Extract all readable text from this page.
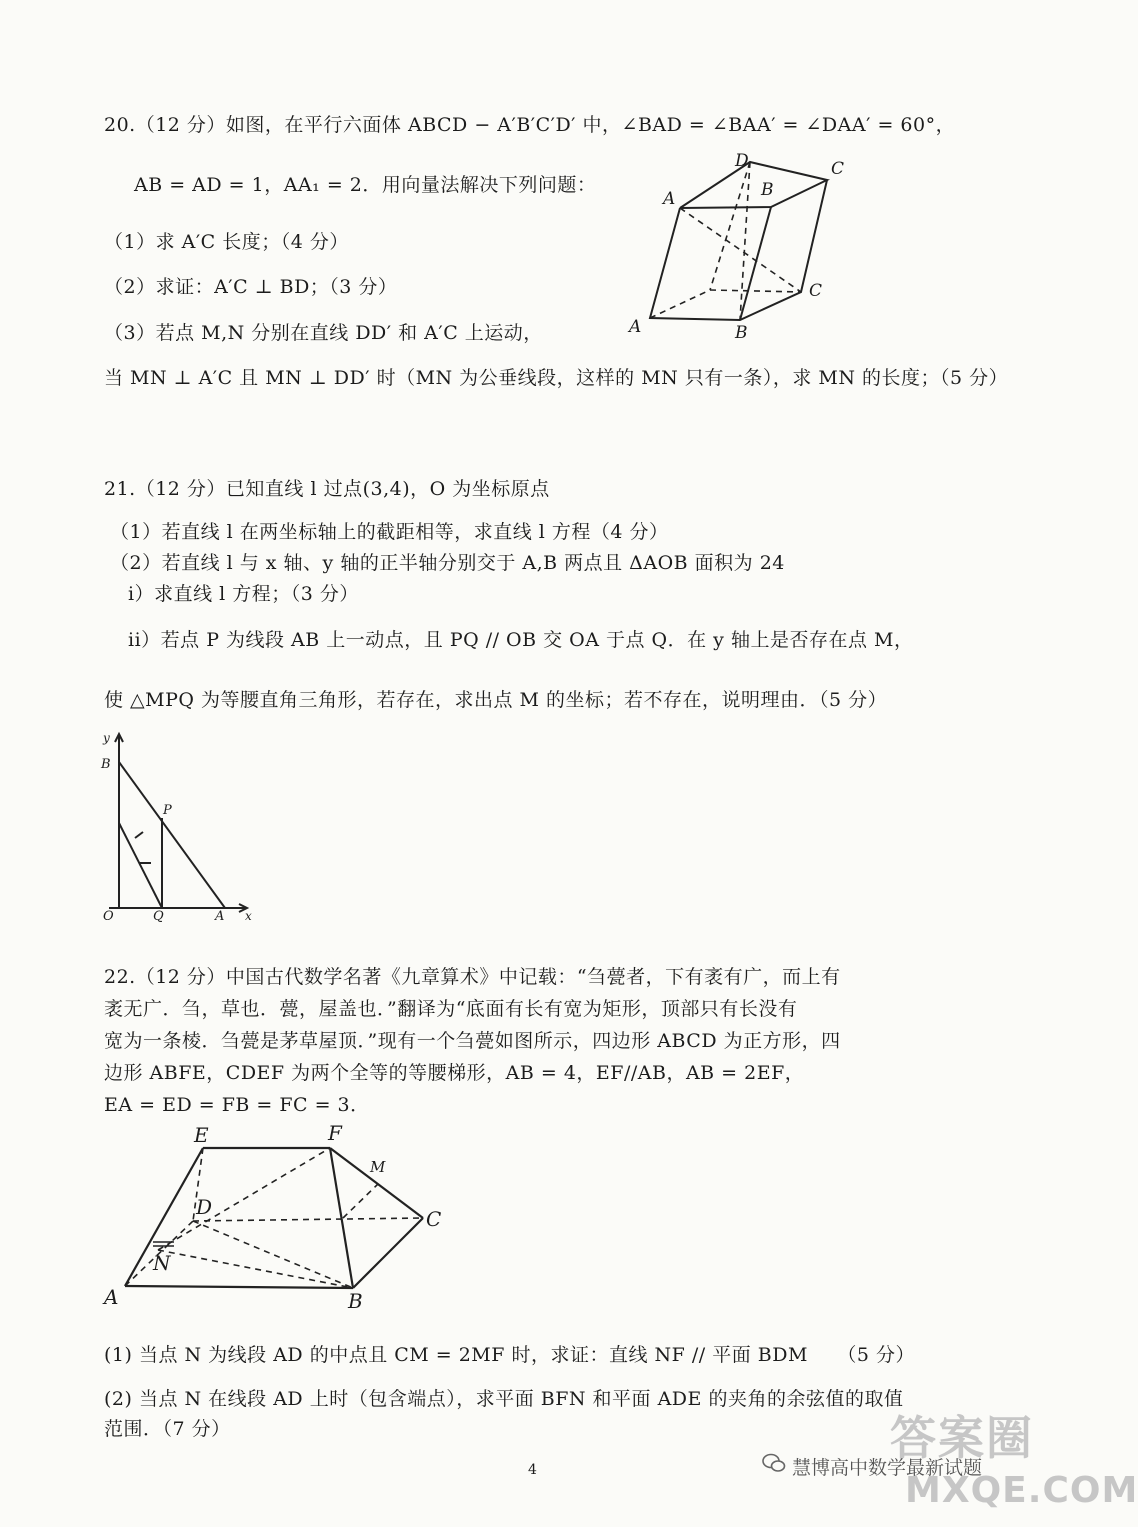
20.（12 分）如图，在平行六面体 ABCD − A′B′C′D′ 中，∠BAD = ∠BAA′ = ∠DAA′ = 60°，
AB = AD = 1，AA₁ = 2．用向量法解决下列问题：
（1）求 A′C 长度；（4 分）
（2）求证：A′C ⊥ BD；（3 分）
（3）若点 M,N 分别在直线 DD′ 和 A′C 上运动，
当 MN ⊥ A′C 且 MN ⊥ DD′ 时（MN 为公垂线段，这样的 MN 只有一条），求 MN 的长度；（5 分）
D	C
A	B
C
A	B
21.（12 分）已知直线 l 过点(3,4)，O 为坐标原点
（1）若直线 l 在两坐标轴上的截距相等，求直线 l 方程（4 分）
（2）若直线 l 与 x 轴、y 轴的正半轴分别交于 A,B 两点且 ΔAOB 面积为 24
i）求直线 l 方程；（3 分）
ii）若点 P 为线段 AB 上一动点，且 PQ // OB 交 OA 于点 Q．在 y 轴上是否存在点 M，
使 △MPQ 为等腰直角三角形，若存在，求出点 M 的坐标；若不存在，说明理由．（5 分）
y
B
P
O	Q	A x
22.（12 分）中国古代数学名著《九章算术》中记载：“刍甍者，下有袤有广，而上有
袤无广．刍，草也．甍，屋盖也．”翻译为“底面有长有宽为矩形，顶部只有长没有
宽为一条棱．刍甍是茅草屋顶．”现有一个刍甍如图所示，四边形 ABCD 为正方形，四
边形 ABFE，CDEF 为两个全等的等腰梯形，AB = 4，EF//AB，AB = 2EF，
EA = ED = FB = FC = 3．
E	F
M
D	C
N
A	B
(1) 当点 N 为线段 AD 的中点且 CM = 2MF 时，求证：直线 NF // 平面 BDM　　（5 分）
(2) 当点 N 在线段 AD 上时（包含端点），求平面 BFN 和平面 ADE 的夹角的余弦值的取值
范围．（7 分）
4
答案圈
慧博高中数学最新试题
MXQE.COM
